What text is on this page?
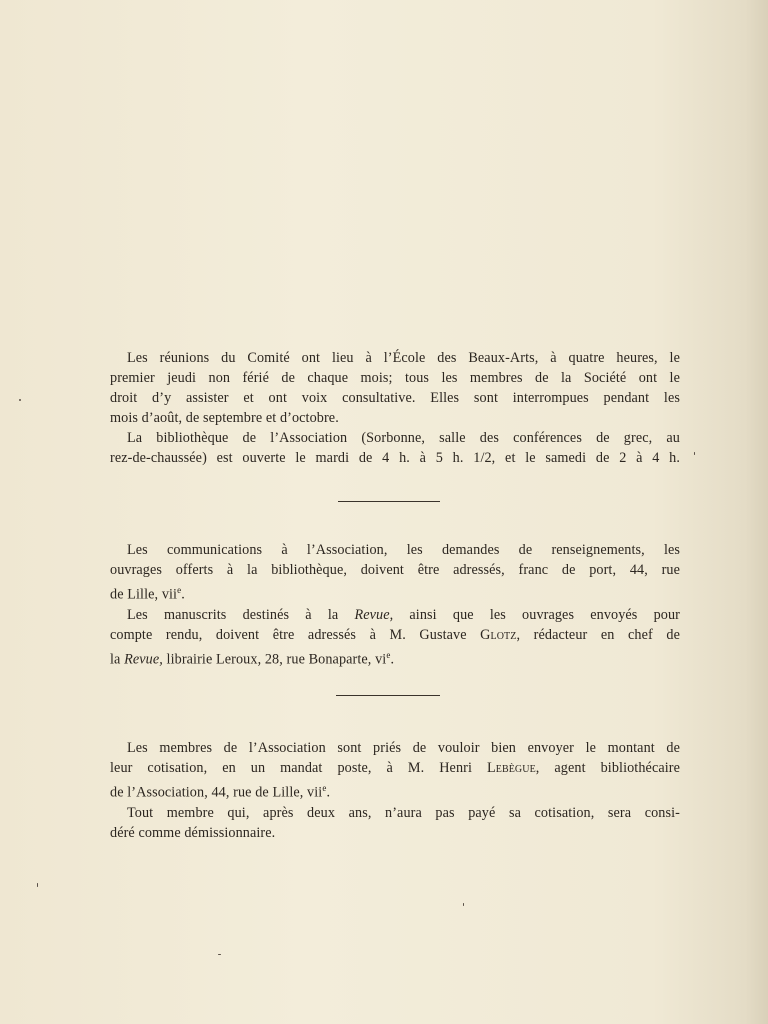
Les réunions du Comité ont lieu à l’École des Beaux-Arts, à quatre heures, le
premier jeudi non férié de chaque mois; tous les membres de la Société ont le
droit d’y assister et ont voix consultative. Elles sont interrompues pendant les
mois d’août, de septembre et d’octobre.
La bibliothèque de l’Association (Sorbonne, salle des conférences de grec, au
rez-de-chaussée) est ouverte le mardi de 4 h. à 5 h. 1/2, et le samedi de 2 à 4 h.
Les communications à l’Association, les demandes de renseignements, les
ouvrages offerts à la bibliothèque, doivent être adressés, franc de port, 44, rue
de Lille, vii$^e$.
Les manuscrits destinés à la Revue, ainsi que les ouvrages envoyés pour
compte rendu, doivent être adressés à M. Gustave Glotz, rédacteur en chef de
la Revue, librairie Leroux, 28, rue Bonaparte, $vi^e$.
Les membres de l’Association sont priés de vouloir bien envoyer le montant de
leur cotisation, en un mandat poste, à M. Henri Lebègue, agent bibliothécaire
de l’Association, 44, rue de Lille, vii$^e$.
Tout membre qui, après deux ans, n’aura pas payé sa cotisation, sera consi-
déré comme démissionnaire.
